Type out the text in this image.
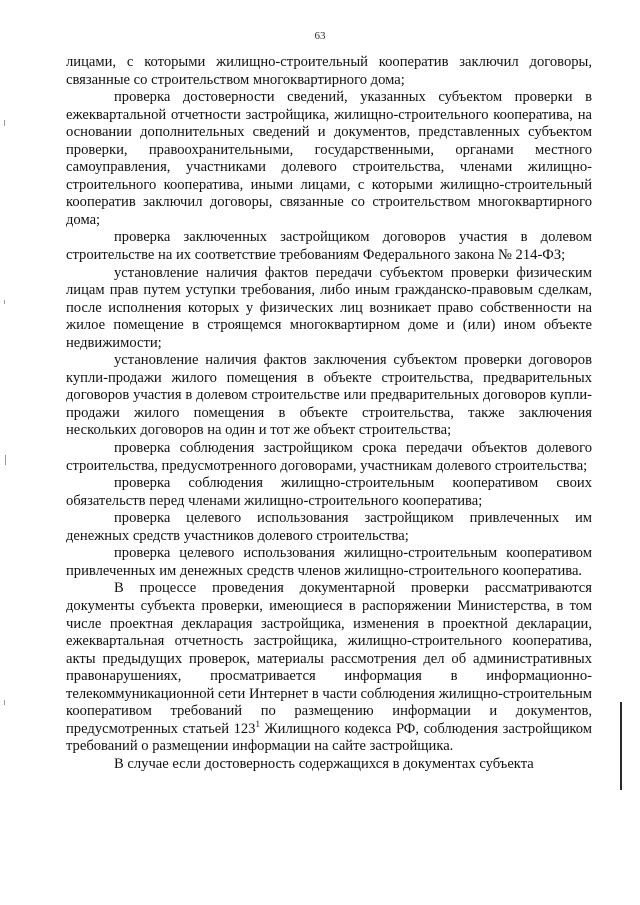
63

лицами, с которыми жилищно-строительный кооператив заключил договоры, связанные со строительством многоквартирного дома;

проверка достоверности сведений, указанных субъектом проверки в ежеквартальной отчетности застройщика, жилищно-строительного кооператива, на основании дополнительных сведений и документов, представленных субъектом проверки, правоохранительными, государственными, органами местного самоуправления, участниками долевого строительства, членами жилищно-строительного кооператива, иными лицами, с которыми жилищно-строительный кооператив заключил договоры, связанные со строительством многоквартирного дома;

проверка заключенных застройщиком договоров участия в долевом строительстве на их соответствие требованиям Федерального закона № 214-ФЗ;

установление наличия фактов передачи субъектом проверки физическим лицам прав путем уступки требования, либо иным гражданско-правовым сделкам, после исполнения которых у физических лиц возникает право собственности на жилое помещение в строящемся многоквартирном доме и (или) ином объекте недвижимости;

установление наличия фактов заключения субъектом проверки договоров купли-продажи жилого помещения в объекте строительства, предварительных договоров участия в долевом строительстве или предварительных договоров купли-продажи жилого помещения в объекте строительства, также заключения нескольких договоров на один и тот же объект строительства;

проверка соблюдения застройщиком срока передачи объектов долевого строительства, предусмотренного договорами, участникам долевого строительства;

проверка соблюдения жилищно-строительным кооперативом своих обязательств перед членами жилищно-строительного кооператива;

проверка целевого использования застройщиком привлеченных им денежных средств участников долевого строительства;

проверка целевого использования жилищно-строительным кооперативом привлеченных им денежных средств членов жилищно-строительного кооператива.

В процессе проведения документарной проверки рассматриваются документы субъекта проверки, имеющиеся в распоряжении Министерства, в том числе проектная декларация застройщика, изменения в проектной декларации, ежеквартальная отчетность застройщика, жилищно-строительного кооператива, акты предыдущих проверок, материалы рассмотрения дел об административных правонарушениях, просматривается информация в информационно-телекоммуникационной сети Интернет в части соблюдения жилищно-строительным кооперативом требований по размещению информации и документов, предусмотренных статьей $123^1$ Жилищного кодекса РФ, соблюдения застройщиком требований о размещении информации на сайте застройщика.

В случае если достоверность содержащихся в документах субъекта
